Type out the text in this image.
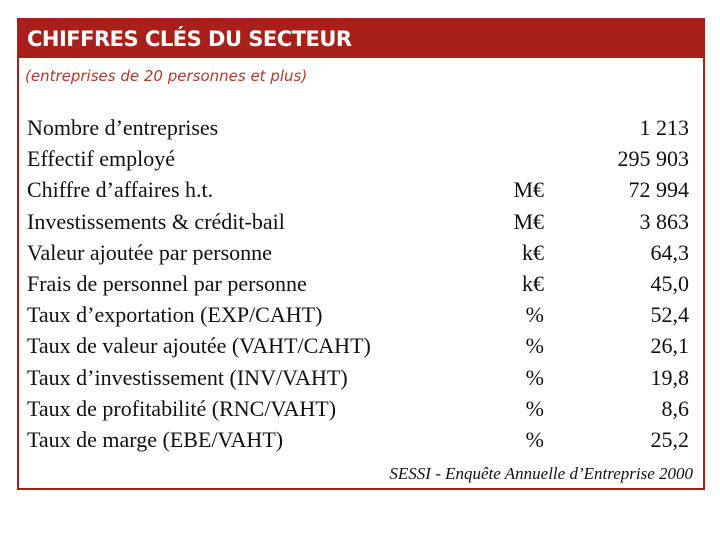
CHIFFRES CLÉS DU SECTEUR
(entreprises de 20 personnes et plus)
Nombre d’entreprises	1 213
Effectif employé	295 903
Chiffre d’affaires h.t.	M€	72 994
Investissements & crédit-bail	M€	3 863
Valeur ajoutée par personne	k€	64,3
Frais de personnel par personne	k€	45,0
Taux d’exportation (EXP/CAHT)	%	52,4
Taux de valeur ajoutée (VAHT/CAHT)	%	26,1
Taux d’investissement (INV/VAHT)	%	19,8
Taux de profitabilité (RNC/VAHT)	%	8,6
Taux de marge (EBE/VAHT)	%	25,2
SESSI - Enquête Annuelle d’Entreprise 2000
